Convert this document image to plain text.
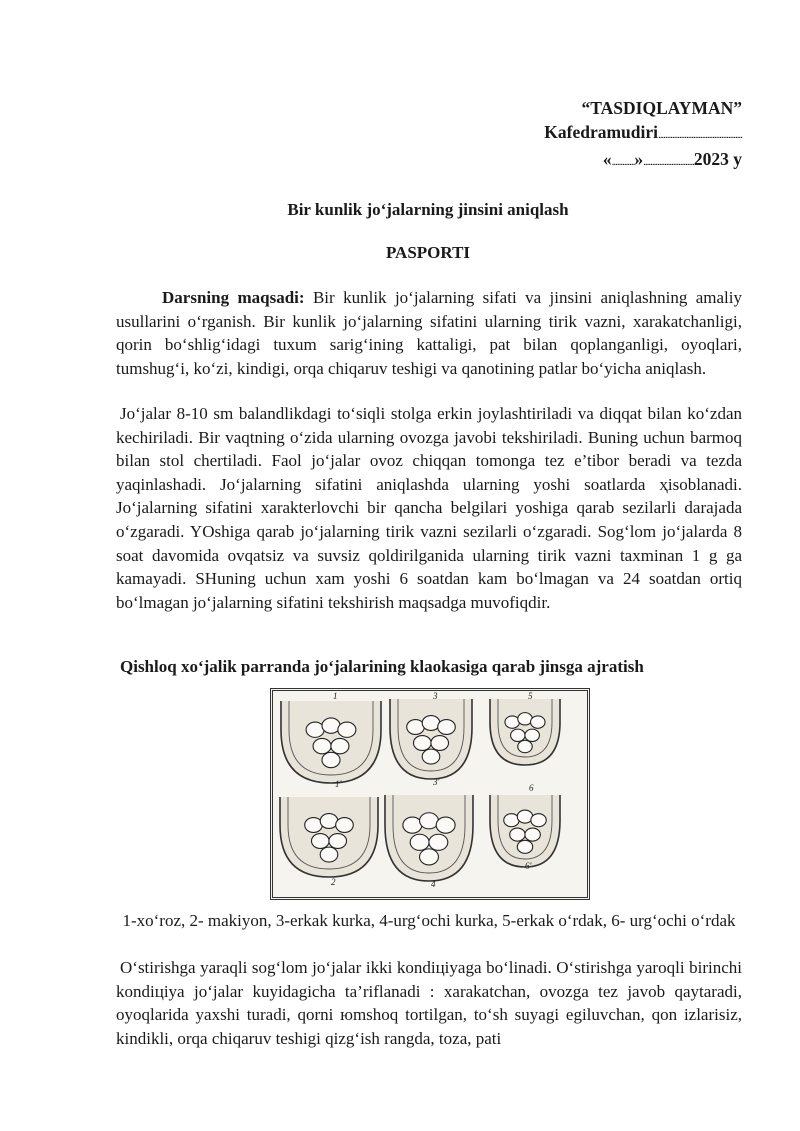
“TASDIQLAYMAN”
Kafedramudiri................................................
«.............».............................2023 y
Bir kunlik jo‘jalarning jinsini aniqlash
PASPORTI

Darsning maqsadi: Bir kunlik jo‘jalarning sifati va jinsini aniqlashning amaliy usullarini o‘rganish. Bir kunlik jo‘jalarning sifatini ularning tirik vazni, xarakatchanligi, qorin bo‘shlig‘idagi tuxum sarig‘ining kattaligi, pat bilan qoplanganligi, oyoqlari, tumshug‘i, ko‘zi, kindigi, orqa chiqaruv teshigi va qanotining patlar bo‘yicha aniqlash.

Jo‘jalar 8-10 sm balandlikdagi to‘siqli stolga erkin joylashtiriladi va diqqat bilan ko‘zdan kechiriladi. Bir vaqtning o‘zida ularning ovozga javobi tekshiriladi. Buning uchun barmoq bilan stol chertiladi. Faol jo‘jalar ovoz chiqqan tomonga tez e’tibor beradi va tezda yaqinlashadi. Jo‘jalarning sifatini aniqlashda ularning yoshi soatlarda ҳisoblanadi. Jo‘jalarning sifatini xarakterlovchi bir qancha belgilari yoshiga qarab sezilarli darajada o‘zgaradi. YOshiga qarab jo‘jalarning tirik vazni sezilarli o‘zgaradi. Sog‘lom jo‘jalarda 8 soat davomida ovqatsiz va suvsiz qoldirilganida ularning tirik vazni taxminan 1 g ga kamayadi. SHuning uchun xam yoshi 6 soatdan kam bo‘lmagan va 24 soatdan ortiq bo‘lmagan jo‘jalarning sifatini tekshirish maqsadga muvofiqdir.

Qishloq xo‘jalik parranda jo‘jalarining klaokasiga qarab jinsga ajratish
1
1'
3
3'
5
2	4
6
6'
1-xo‘roz, 2- makiyon, 3-erkak kurka, 4-urg‘ochi kurka, 5-erkak o‘rdak, 6- urg‘ochi o‘rdak

O‘stirishga yaraqli sog‘lom jo‘jalar ikki kondiцiyaga bo‘linadi. O‘stirishga yaroqli birinchi kondiцiya jo‘jalar kuyidagicha ta’riflanadi : xarakatchan, ovozga tez javob qaytaradi, oyoqlarida yaxshi turadi, qorni юmshoq tortilgan, to‘sh suyagi egiluvchan, qon izlarisiz, kindikli, orqa chiqaruv teshigi qizg‘ish rangda, toza, pati
